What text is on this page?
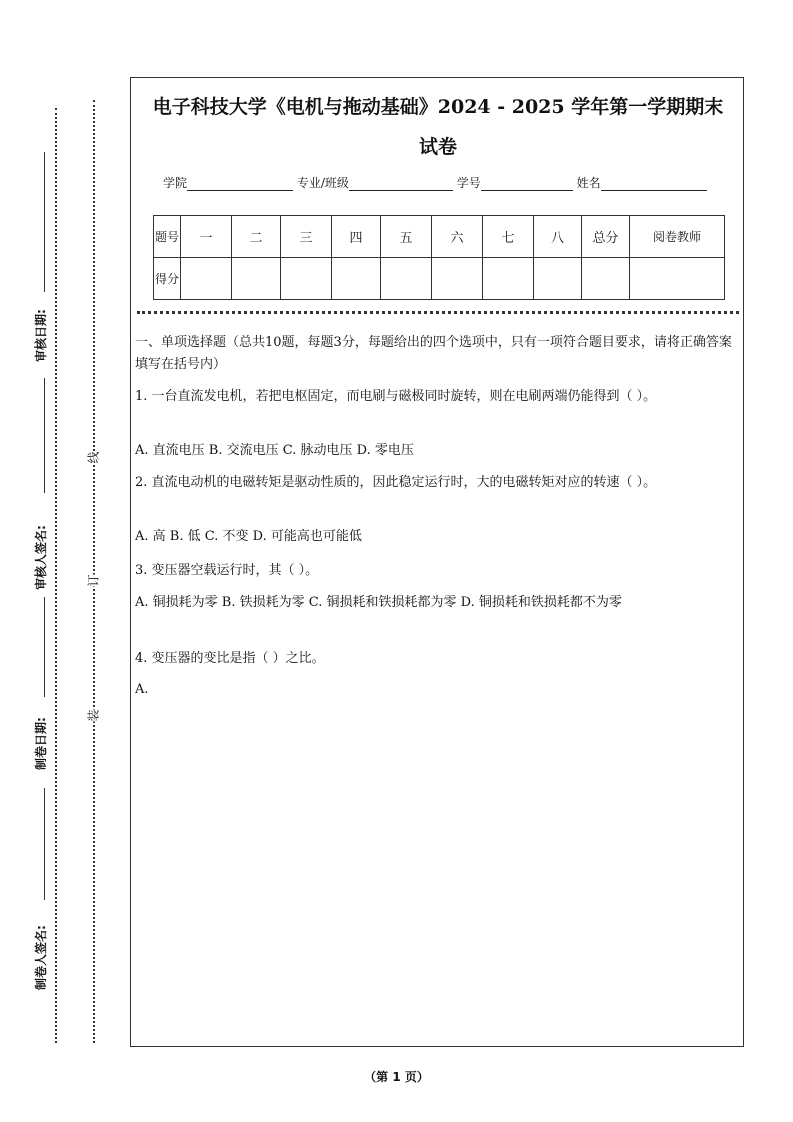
审核日期:
审核人签名:
制卷日期:
制卷人签名:
线
订
装
电子科技大学《电机与拖动基础》2024 - 2025 学年第一学期期末
试卷
学院	专业/班级	学号	姓名
题号	一	二	三	四	五	六	七	八	总分	阅卷教师
得分										
一、单项选择题（总共10题，每题3分，每题给出的四个选项中，只有一项符合题目要求，请将正确答案填写在括号内）
1. 一台直流发电机，若把电枢固定，而电刷与磁极同时旋转，则在电刷两端仍能得到（ ）。
A. 直流电压 B. 交流电压 C. 脉动电压 D. 零电压
2. 直流电动机的电磁转矩是驱动性质的，因此稳定运行时，大的电磁转矩对应的转速（ ）。
A. 高 B. 低 C. 不变 D. 可能高也可能低
3. 变压器空载运行时，其（ ）。
A. 铜损耗为零 B. 铁损耗为零 C. 铜损耗和铁损耗都为零 D. 铜损耗和铁损耗都不为零
4. 变压器的变比是指（ ）之比。
A.
（第 1 页）
